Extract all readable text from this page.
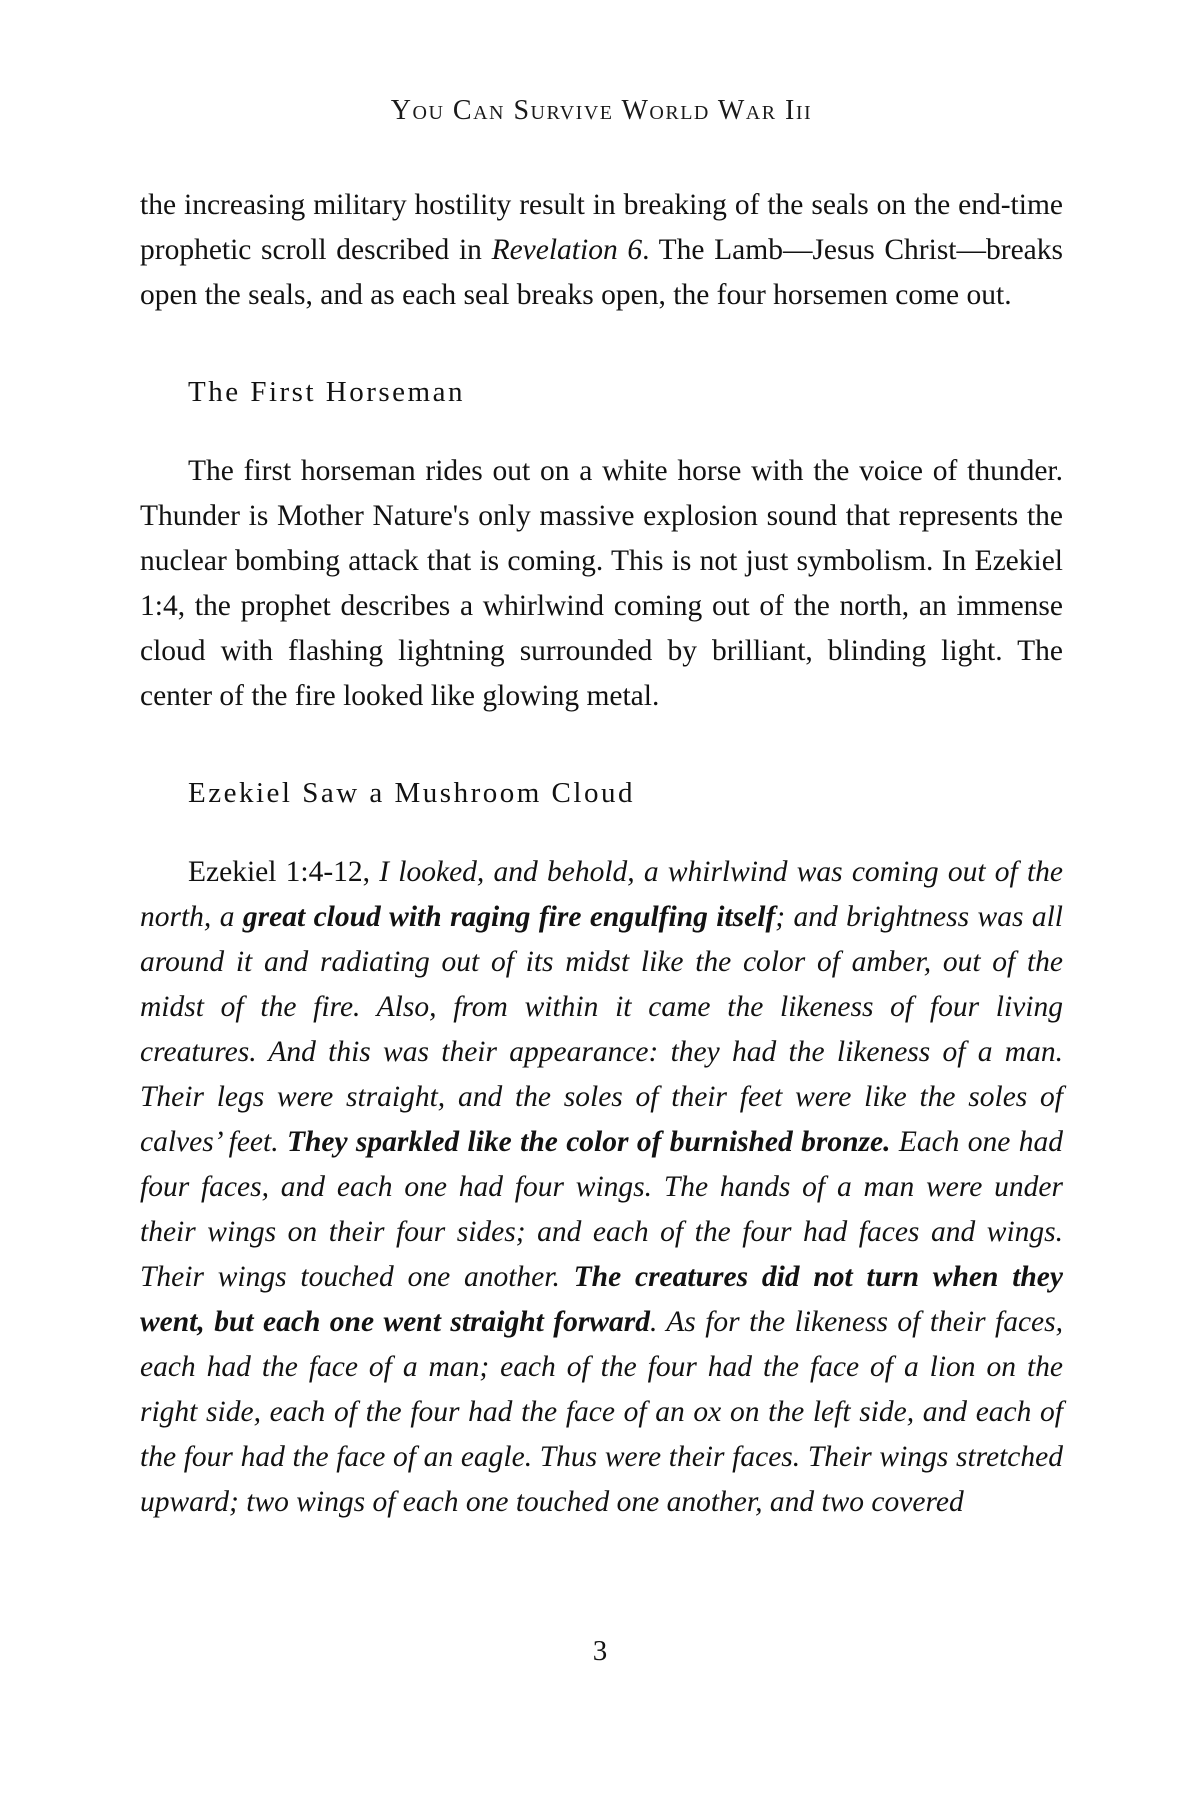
You Can Survive World War Iii

the increasing military hostility result in breaking of the seals on the end-time prophetic scroll described in Revelation 6. The Lamb—Jesus Christ—breaks open the seals, and as each seal breaks open, the four horsemen come out.

The First Horseman

The first horseman rides out on a white horse with the voice of thunder. Thunder is Mother Nature's only massive explosion sound that represents the nuclear bombing attack that is coming. This is not just symbolism. In Ezekiel 1:4, the prophet describes a whirlwind coming out of the north, an immense cloud with flashing lightning surrounded by brilliant, blinding light. The center of the fire looked like glowing metal.

Ezekiel Saw a Mushroom Cloud

Ezekiel 1:4-12, I looked, and behold, a whirlwind was coming out of the north, a great cloud with raging fire engulfing itself; and brightness was all around it and radiating out of its midst like the color of amber, out of the midst of the fire. Also, from within it came the likeness of four living creatures. And this was their appearance: they had the likeness of a man. Their legs were straight, and the soles of their feet were like the soles of calves’ feet. They sparkled like the color of burnished bronze. Each one had four faces, and each one had four wings. The hands of a man were under their wings on their four sides; and each of the four had faces and wings. Their wings touched one another. The creatures did not turn when they went, but each one went straight forward. As for the likeness of their faces, each had the face of a man; each of the four had the face of a lion on the right side, each of the four had the face of an ox on the left side, and each of the four had the face of an eagle. Thus were their faces. Their wings stretched upward; two wings of each one touched one another, and two covered

3
